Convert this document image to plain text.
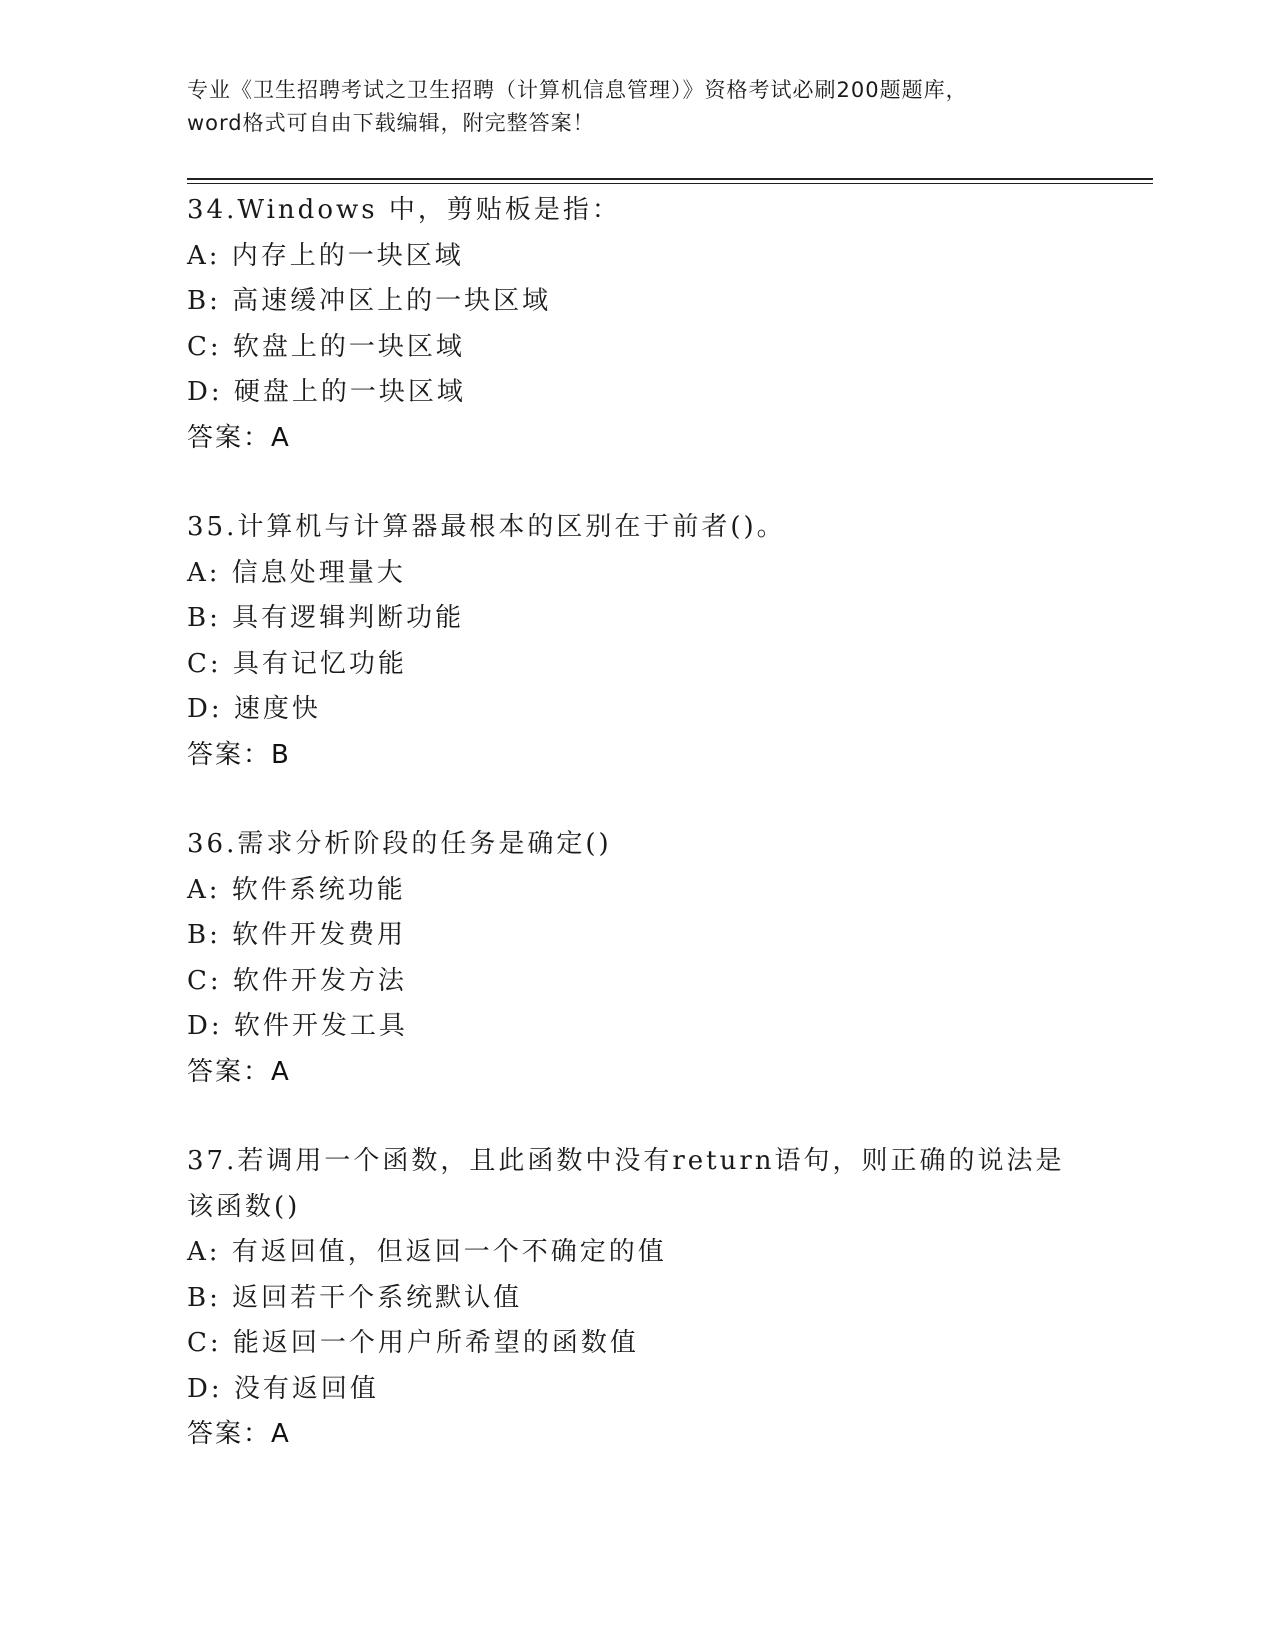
专业《卫生招聘考试之卫生招聘（计算机信息管理）》资格考试必刷200题题库，
word格式可自由下载编辑，附完整答案！
34.Windows 中，剪贴板是指：
A: 内存上的一块区域
B: 高速缓冲区上的一块区域
C: 软盘上的一块区域
D: 硬盘上的一块区域
答案：A
35.计算机与计算器最根本的区别在于前者()。
A: 信息处理量大
B: 具有逻辑判断功能
C: 具有记忆功能
D: 速度快
答案：B
36.需求分析阶段的任务是确定()
A: 软件系统功能
B: 软件开发费用
C: 软件开发方法
D: 软件开发工具
答案：A
37.若调用一个函数，且此函数中没有return语句，则正确的说法是
该函数()
A: 有返回值，但返回一个不确定的值
B: 返回若干个系统默认值
C: 能返回一个用户所希望的函数值
D: 没有返回值
答案：A
